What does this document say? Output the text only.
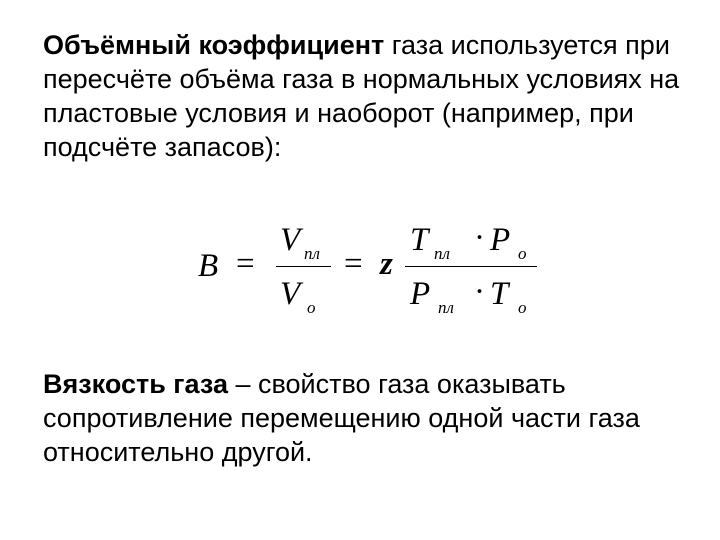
Объёмный коэффициент газа используется при пересчёте объёма газа в нормальных условиях на пластовые условия и наоборот (например, при подсчёте запасов):
B =
V пл
V о
= z
T пл · P о
P пл · T о
Вязкость газа – свойство газа оказывать сопротивление перемещению одной части газа относительно другой.
